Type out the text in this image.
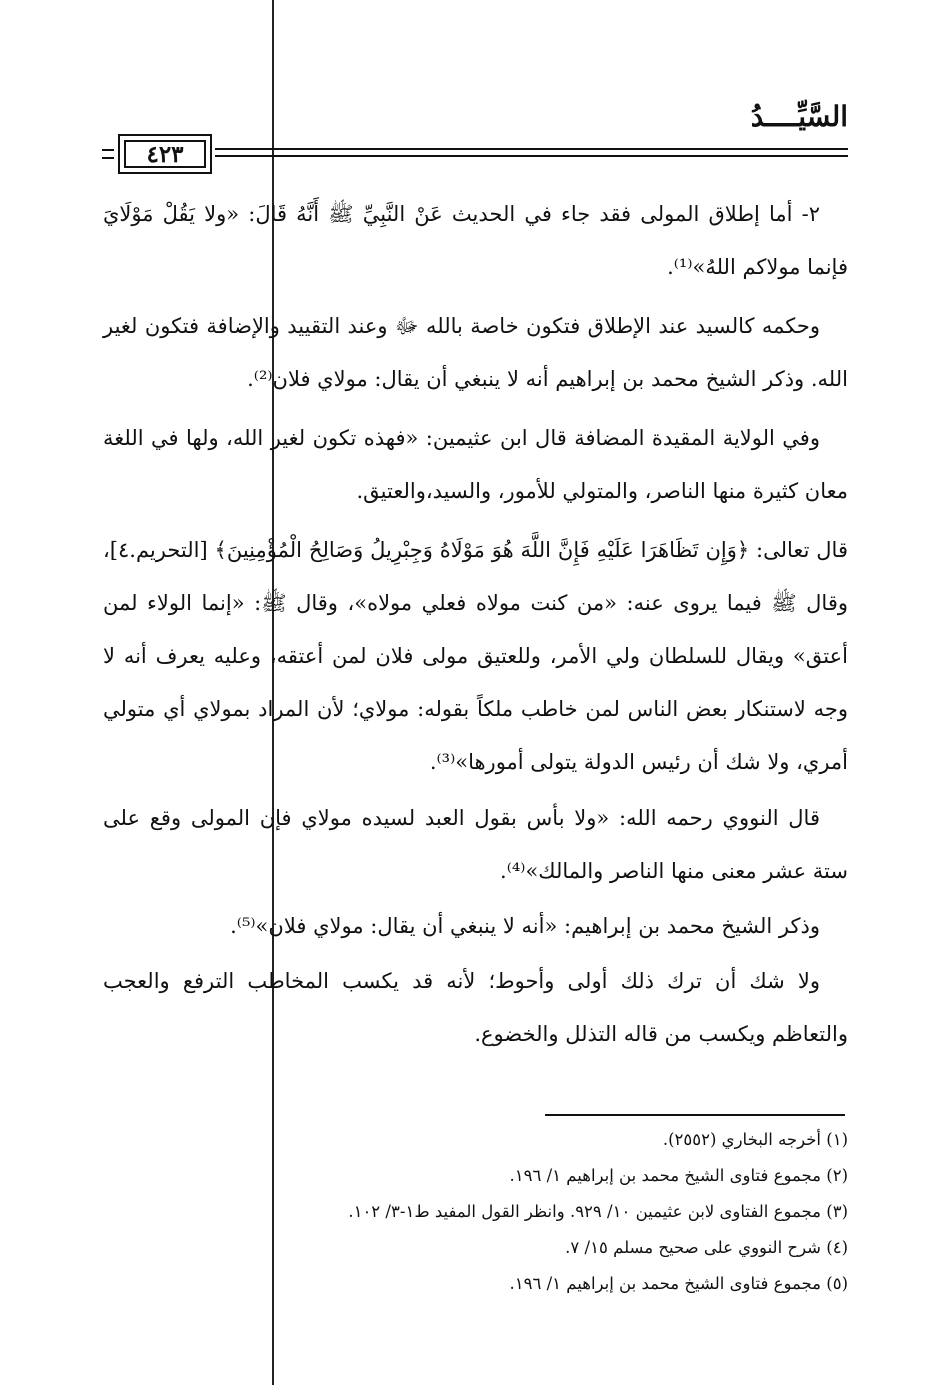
السَّيِّــــدُ
٤٢٣

٢- أما إطلاق المولى فقد جاء في الحديث عَنْ النَّبِيِّ ﷺ أَنَّهُ قَالَ: «ولا يَقُلْ مَوْلَايَ فإنما مولاكم اللهُ»⁽¹⁾.

وحكمه كالسيد عند الإطلاق فتكون خاصة بالله ﷻ وعند التقييد والإضافة فتكون لغير الله. وذكر الشيخ محمد بن إبراهيم أنه لا ينبغي أن يقال: مولاي فلان⁽²⁾.

وفي الولاية المقيدة المضافة قال ابن عثيمين: «فهذه تكون لغير الله، ولها في اللغة معان كثيرة منها الناصر، والمتولي للأمور، والسيد،والعتيق.

قال تعالى: ﴿وَإِن تَظَاهَرَا عَلَيْهِ فَإِنَّ اللَّهَ هُوَ مَوْلَاهُ وَجِبْرِيلُ وَصَالِحُ الْمُؤْمِنِينَ﴾ [التحريم.٤]، وقال ﷺ فيما يروى عنه: «من كنت مولاه فعلي مولاه»، وقال ﷺ: «إنما الولاء لمن أعتق» ويقال للسلطان ولي الأمر، وللعتيق مولى فلان لمن أعتقه، وعليه يعرف أنه لا وجه لاستنكار بعض الناس لمن خاطب ملكاً بقوله: مولاي؛ لأن المراد بمولاي أي متولي أمري، ولا شك أن رئيس الدولة يتولى أمورها»⁽³⁾.

قال النووي رحمه الله: «ولا بأس بقول العبد لسيده مولاي فإن المولى وقع على ستة عشر معنى منها الناصر والمالك»⁽⁴⁾.

وذكر الشيخ محمد بن إبراهيم: «أنه لا ينبغي أن يقال: مولاي فلان»⁽⁵⁾.

ولا شك أن ترك ذلك أولى وأحوط؛ لأنه قد يكسب المخاطب الترفع والعجب والتعاظم ويكسب من قاله التذلل والخضوع.

(١) أخرجه البخاري (٢٥٥٢).

(٢) مجموع فتاوى الشيخ محمد بن إبراهيم ١/ ١٩٦.

(٣) مجموع الفتاوى لابن عثيمين ١٠/ ٩٢٩. وانظر القول المفيد ط١-٣/ ١٠٢.

(٤) شرح النووي على صحيح مسلم ١٥/ ٧.

(٥) مجموع فتاوى الشيخ محمد بن إبراهيم ١/ ١٩٦.
